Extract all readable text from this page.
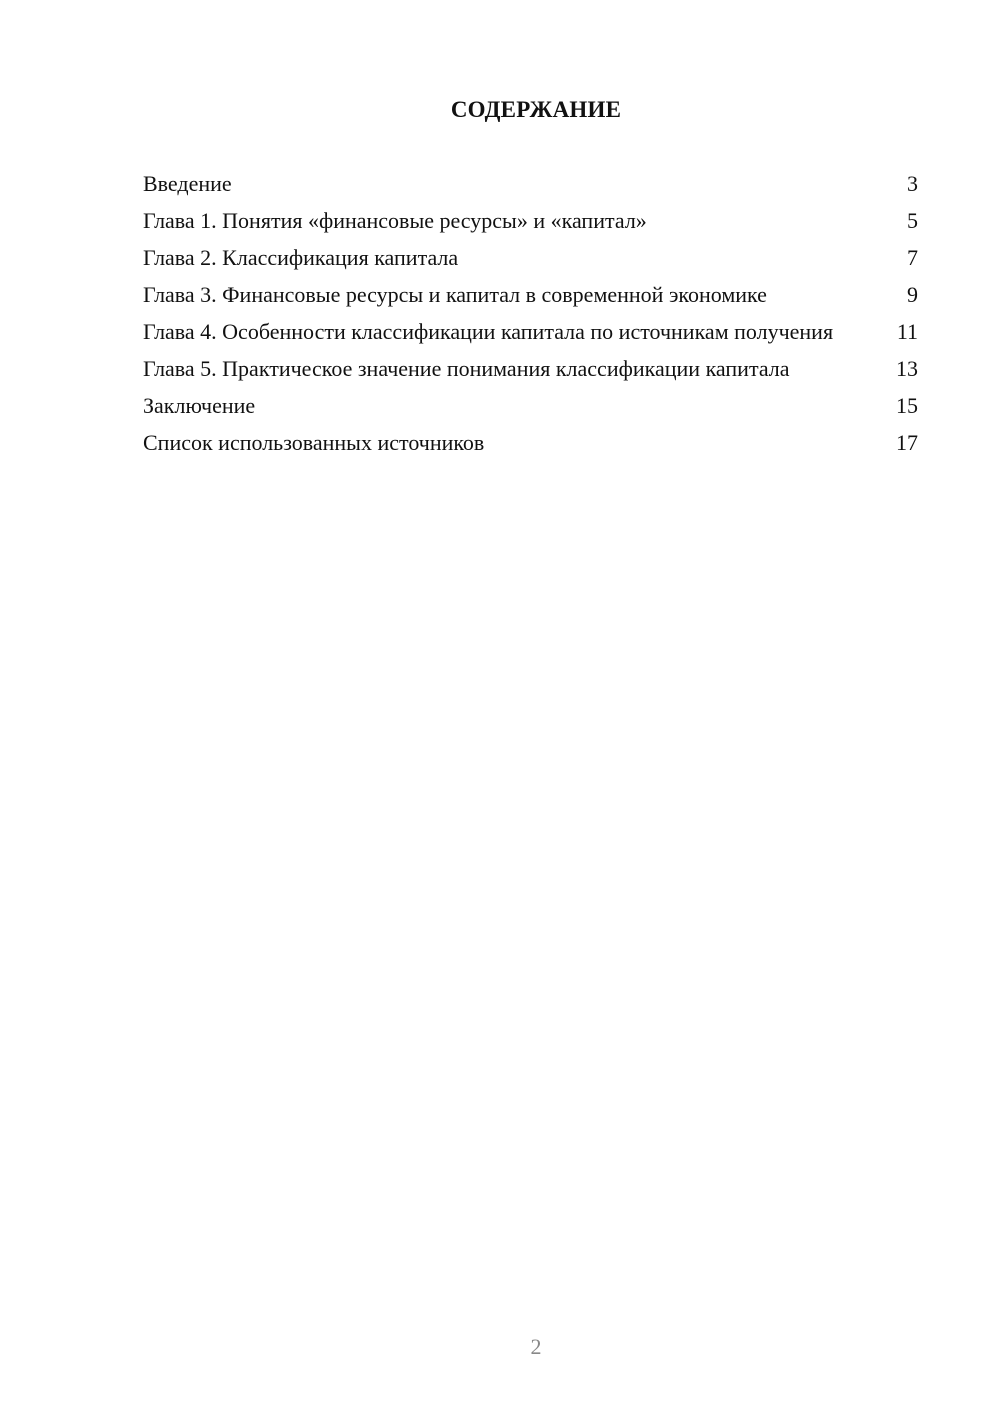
СОДЕРЖАНИЕ
Введение	3
Глава 1. Понятия «финансовые ресурсы» и «капитал»	5
Глава 2. Классификация капитала	7
Глава 3. Финансовые ресурсы и капитал в современной экономике	9
Глава 4. Особенности классификации капитала по источникам получения	11
Глава 5. Практическое значение понимания классификации капитала	13
Заключение	15
Список использованных источников	17
2
